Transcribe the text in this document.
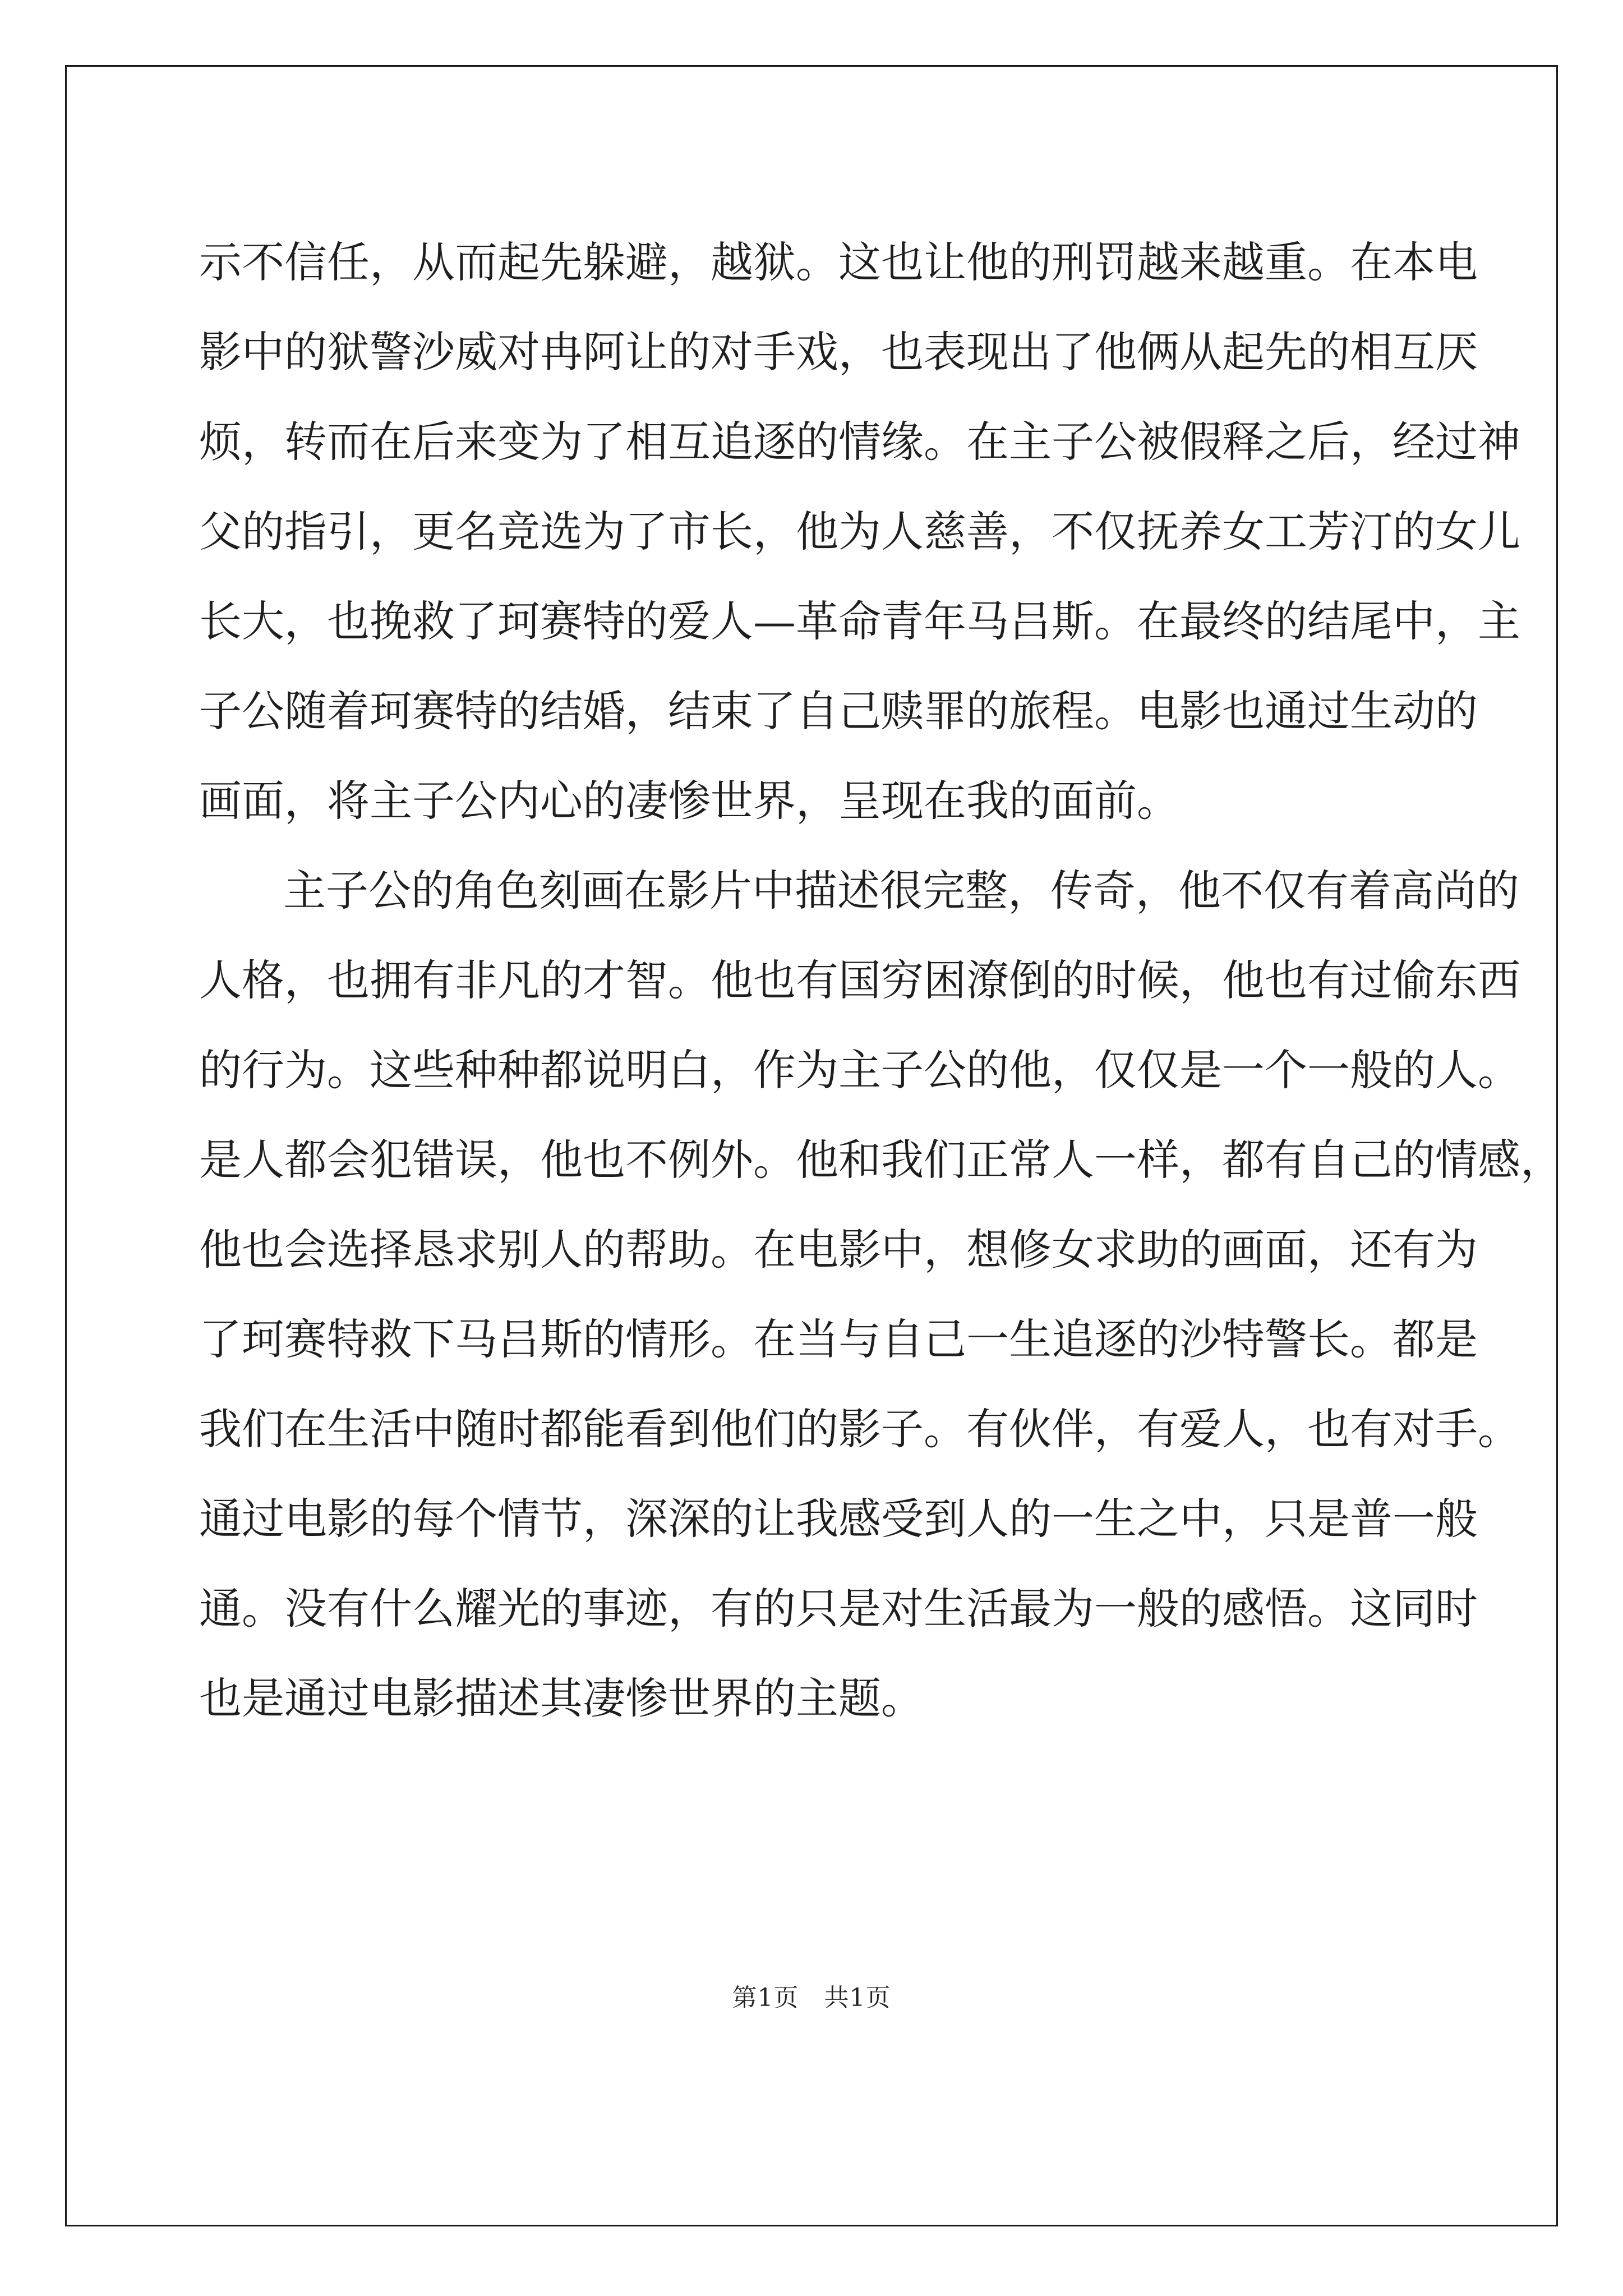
示不信任，从而起先躲避，越狱。这也让他的刑罚越来越重。在本电
影中的狱警沙威对冉阿让的对手戏，也表现出了他俩从起先的相互厌
烦，转而在后来变为了相互追逐的情缘。在主子公被假释之后，经过神
父的指引，更名竞选为了市长，他为人慈善，不仅抚养女工芳汀的女儿
长大，也挽救了珂赛特的爱人—革命青年马吕斯。在最终的结尾中，主
子公随着珂赛特的结婚，结束了自己赎罪的旅程。电影也通过生动的
画面，将主子公内心的凄惨世界，呈现在我的面前。
主子公的角色刻画在影片中描述很完整，传奇，他不仅有着高尚的
人格，也拥有非凡的才智。他也有国穷困潦倒的时候，他也有过偷东西
的行为。这些种种都说明白，作为主子公的他，仅仅是一个一般的人。
是人都会犯错误，他也不例外。他和我们正常人一样，都有自己的情感，
他也会选择恳求别人的帮助。在电影中，想修女求助的画面，还有为
了珂赛特救下马吕斯的情形。在当与自己一生追逐的沙特警长。都是
我们在生活中随时都能看到他们的影子。有伙伴，有爱人，也有对手。
通过电影的每个情节，深深的让我感受到人的一生之中，只是普一般
通。没有什么耀光的事迹，有的只是对生活最为一般的感悟。这同时
也是通过电影描述其凄惨世界的主题。
第1页 共1页
